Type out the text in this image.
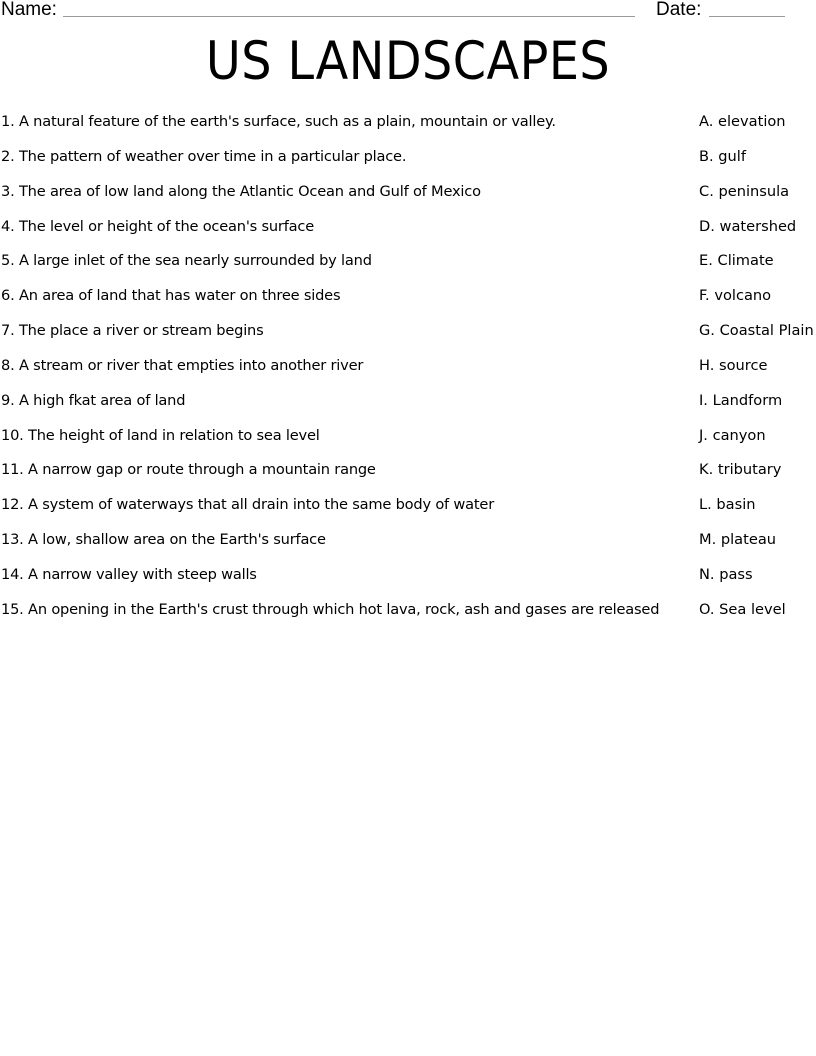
Name:	Date:
US LANDSCAPES
1. A natural feature of the earth's surface, such as a plain, mountain or valley.
2. The pattern of weather over time in a particular place.
3. The area of low land along the Atlantic Ocean and Gulf of Mexico
4. The level or height of the ocean's surface
5. A large inlet of the sea nearly surrounded by land
6. An area of land that has water on three sides
7. The place a river or stream begins
8. A stream or river that empties into another river
9. A high fkat area of land
10. The height of land in relation to sea level
11. A narrow gap or route through a mountain range
12. A system of waterways that all drain into the same body of water
13. A low, shallow area on the Earth's surface
14. A narrow valley with steep walls
15. An opening in the Earth's crust through which hot lava, rock, ash and gases are released
A. elevation
B. gulf
C. peninsula
D. watershed
E. Climate
F. volcano
G. Coastal Plain
H. source
I. Landform
J. canyon
K. tributary
L. basin
M. plateau
N. pass
O. Sea level
